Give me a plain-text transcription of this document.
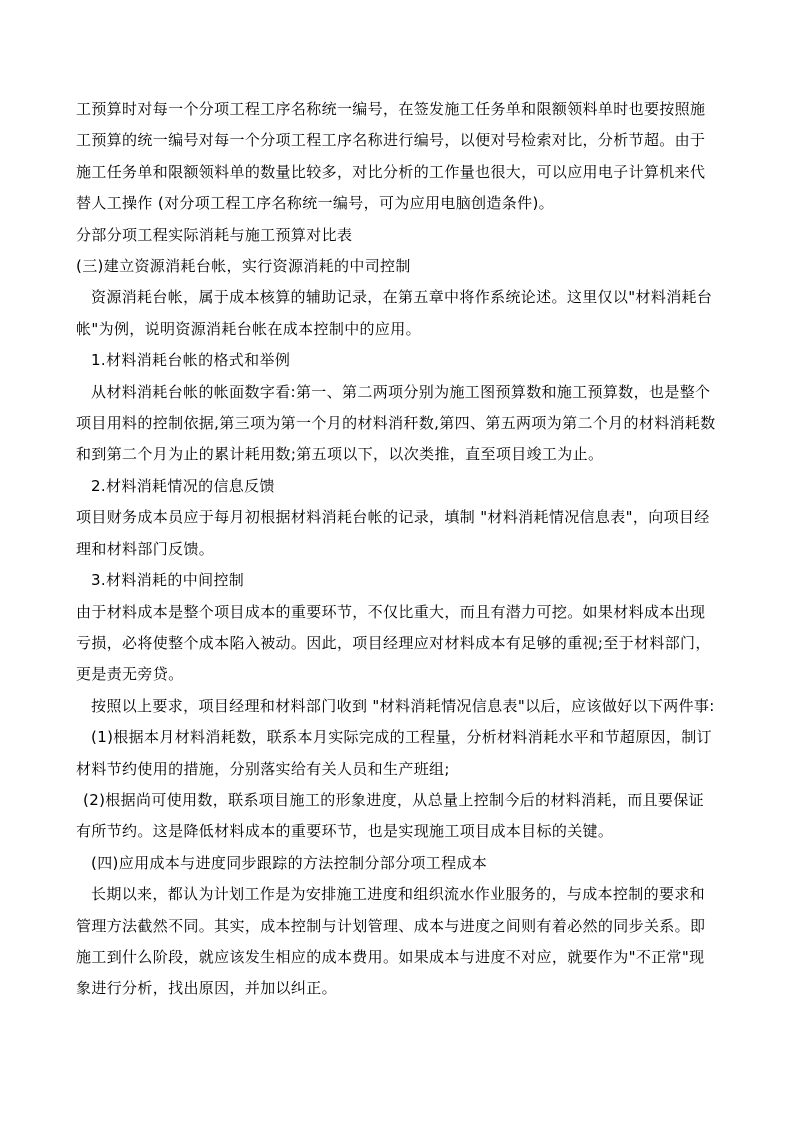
工预算时对每一个分项工程工序名称统一编号，在签发施工任务单和限额领料单时也要按照施工预算的统一编号对每一个分项工程工序名称进行编号，以便对号检索对比，分析节超。由于施工任务单和限额领料单的数量比较多，对比分析的工作量也很大，可以应用电子计算机来代替人工操作 (对分项工程工序名称统一编号，可为应用电脑创造条件)。

分部分项工程实际消耗与施工预算对比表

(三)建立资源消耗台帐，实行资源消耗的中司控制

资源消耗台帐，属于成本核算的辅助记录，在第五章中将作系统论述。这里仅以"材料消耗台帐"为例，说明资源消耗台帐在成本控制中的应用。

1.材料消耗台帐的格式和举例

从材料消耗台帐的帐面数字看:第一、第二两项分别为施工图预算数和施工预算数，也是整个项目用料的控制依据,第三项为第一个月的材料消秆数,第四、第五两项为第二个月的材料消耗数和到第二个月为止的累计耗用数;第五项以下，以次类推，直至项目竣工为止。

2.材料消耗情况的信息反馈

项目财务成本员应于每月初根据材料消耗台帐的记录，填制 "材料消耗情况信息表"，向项目经理和材料部门反馈。

3.材料消耗的中间控制

由于材料成本是整个项目成本的重要环节，不仅比重大，而且有潜力可挖。如果材料成本出现亏损，必将使整个成本陷入被动。因此，项目经理应对材料成本有足够的重视;至于材料部门，更是责无旁贷。

按照以上要求，项目经理和材料部门收到 "材料消耗情况信息表"以后，应该做好以下两件事:

(1)根据本月材料消耗数，联系本月实际完成的工程量，分析材料消耗水平和节超原因，制订材料节约使用的措施，分别落实给有关人员和生产班组;

(2)根据尚可使用数，联系项目施工的形象进度，从总量上控制今后的材料消耗，而且要保证有所节约。这是降低材料成本的重要环节，也是实现施工项目成本目标的关键。

(四)应用成本与进度同步跟踪的方法控制分部分项工程成本

长期以来，都认为计划工作是为安排施工进度和组织流水作业服务的，与成本控制的要求和管理方法截然不同。其实，成本控制与计划管理、成本与进度之间则有着必然的同步关系。即施工到什么阶段，就应该发生相应的成本费用。如果成本与进度不对应，就要作为"不正常"现象进行分析，找出原因，并加以纠正。
